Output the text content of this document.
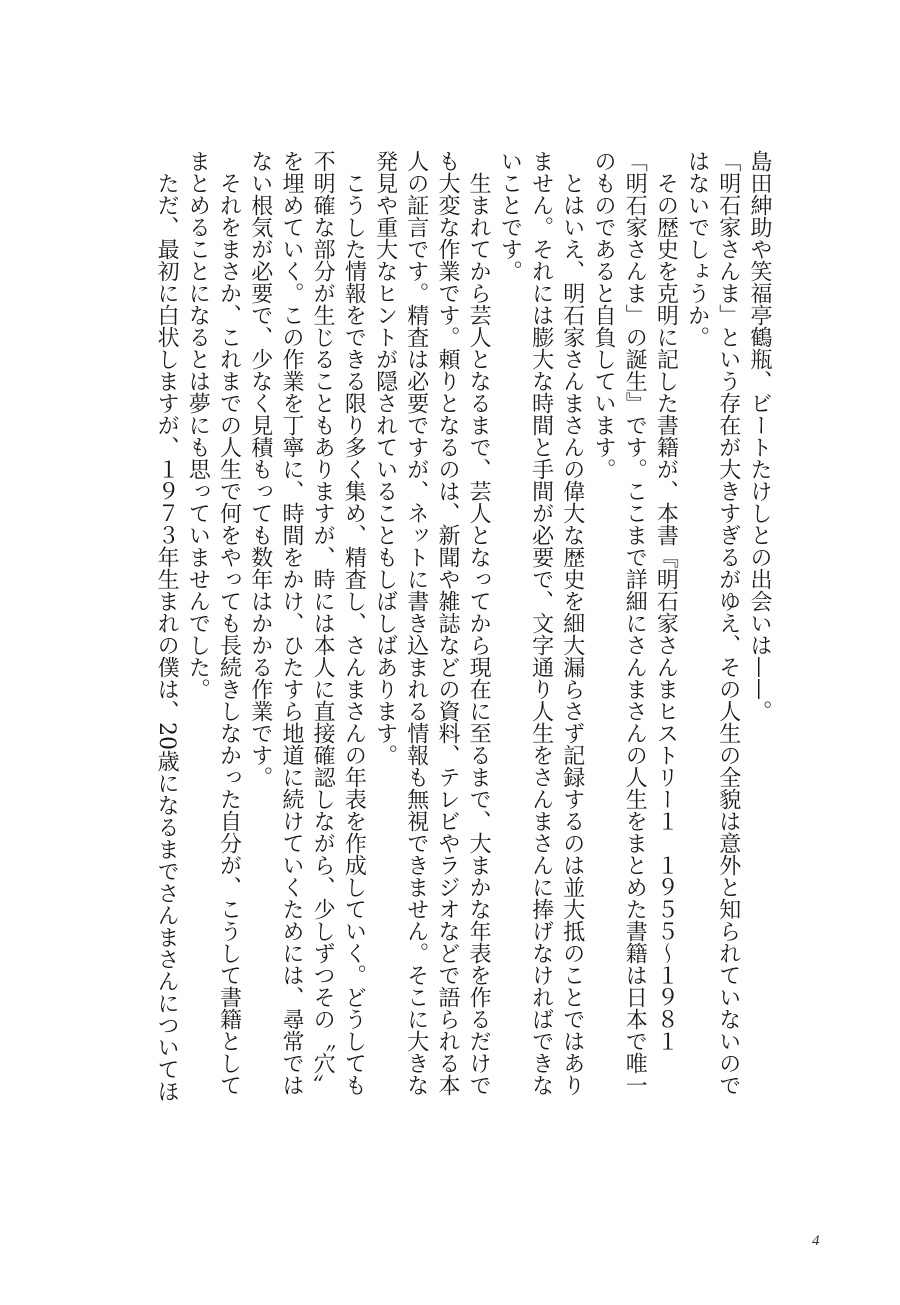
島田紳助や笑福亭鶴瓶、ビートたけしとの出会いは——。
「明石家さんま」という存在が大きすぎるがゆえ、その人生の全貌は意外と知られていないので
はないでしょうか。
　その歴史を克明に記した書籍が、本書『明石家さんまヒストリー１　１９５５〜１９８１
「明石家さんま」の誕生』です。ここまで詳細にさんまさんの人生をまとめた書籍は日本で唯一
のものであると自負しています。
　とはいえ、明石家さんまさんの偉大な歴史を細大漏らさず記録するのは並大抵のことではあり
ません。それには膨大な時間と手間が必要で、文字通り人生をさんまさんに捧げなければできな
いことです。
　生まれてから芸人となるまで、芸人となってから現在に至るまで、大まかな年表を作るだけで
も大変な作業です。頼りとなるのは、新聞や雑誌などの資料、テレビやラジオなどで語られる本
人の証言です。精査は必要ですが、ネットに書き込まれる情報も無視できません。そこに大きな
発見や重大なヒントが隠されていることもしばしばあります。
　こうした情報をできる限り多く集め、精査し、さんまさんの年表を作成していく。どうしても
不明確な部分が生じることもありますが、時には本人に直接確認しながら、少しずつその〝穴〟
を埋めていく。この作業を丁寧に、時間をかけ、ひたすら地道に続けていくためには、尋常では
ない根気が必要で、少なく見積もっても数年はかかる作業です。
　それをまさか、これまでの人生で何をやっても長続きしなかった自分が、こうして書籍として
まとめることになるとは夢にも思っていませんでした。
　ただ、最初に白状しますが、１９７３年生まれの僕は、20歳になるまでさんまさんについてほ
4
